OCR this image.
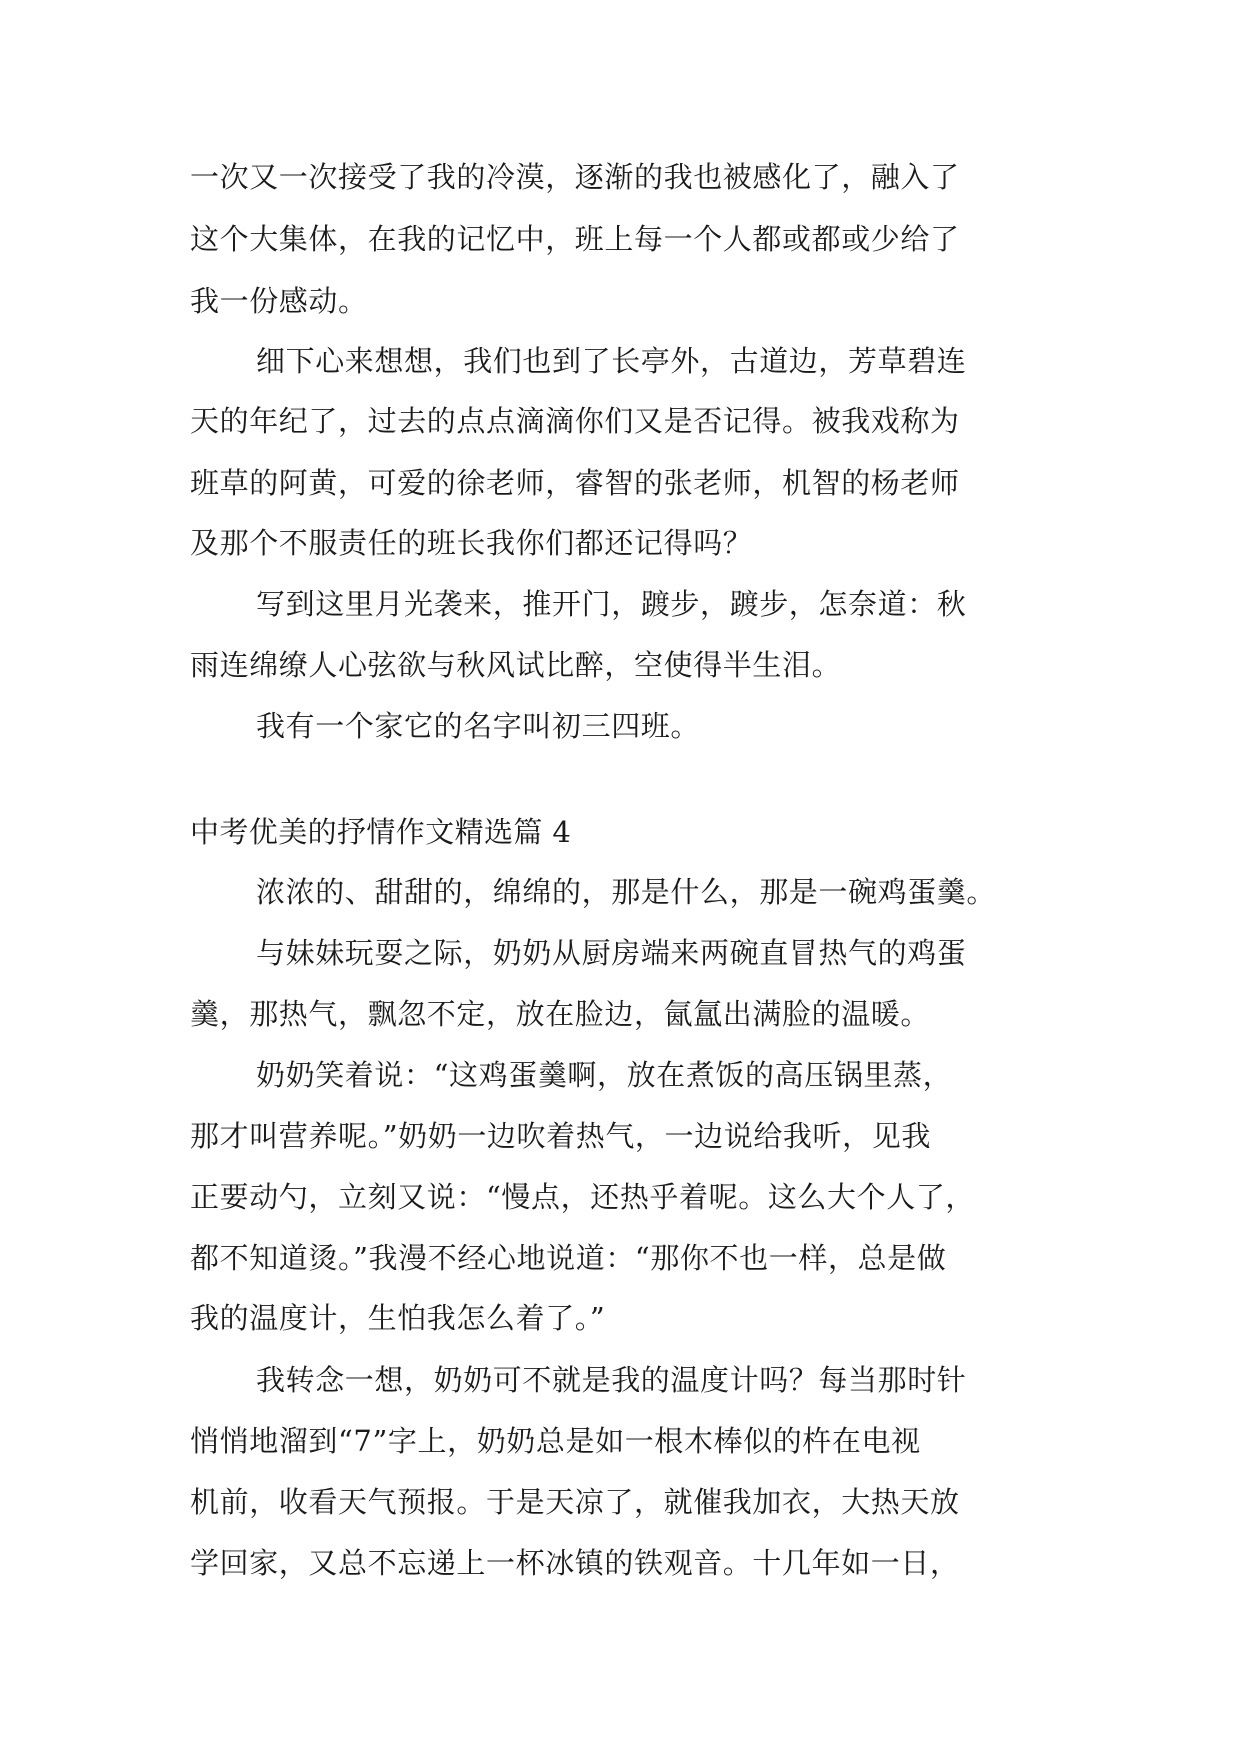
一次又一次接受了我的冷漠，逐渐的我也被感化了，融入了
这个大集体，在我的记忆中，班上每一个人都或都或少给了
我一份感动。
细下心来想想，我们也到了长亭外，古道边，芳草碧连
天的年纪了，过去的点点滴滴你们又是否记得。被我戏称为
班草的阿黄，可爱的徐老师，睿智的张老师，机智的杨老师
及那个不服责任的班长我你们都还记得吗？
写到这里月光袭来，推开门，踱步，踱步，怎奈道：秋
雨连绵缭人心弦欲与秋风试比醉，空使得半生泪。
我有一个家它的名字叫初三四班。
中考优美的抒情作文精选篇 4
浓浓的、甜甜的，绵绵的，那是什么，那是一碗鸡蛋羹。
与妹妹玩耍之际，奶奶从厨房端来两碗直冒热气的鸡蛋
羹，那热气，飘忽不定，放在脸边，氤氲出满脸的温暖。
奶奶笑着说：“这鸡蛋羹啊，放在煮饭的高压锅里蒸，
那才叫营养呢。”奶奶一边吹着热气，一边说给我听，见我
正要动勺，立刻又说：“慢点，还热乎着呢。这么大个人了，
都不知道烫。”我漫不经心地说道：“那你不也一样，总是做
我的温度计，生怕我怎么着了。”
我转念一想，奶奶可不就是我的温度计吗？每当那时针
悄悄地溜到“7”字上，奶奶总是如一根木棒似的杵在电视
机前，收看天气预报。于是天凉了，就催我加衣，大热天放
学回家，又总不忘递上一杯冰镇的铁观音。十几年如一日，
